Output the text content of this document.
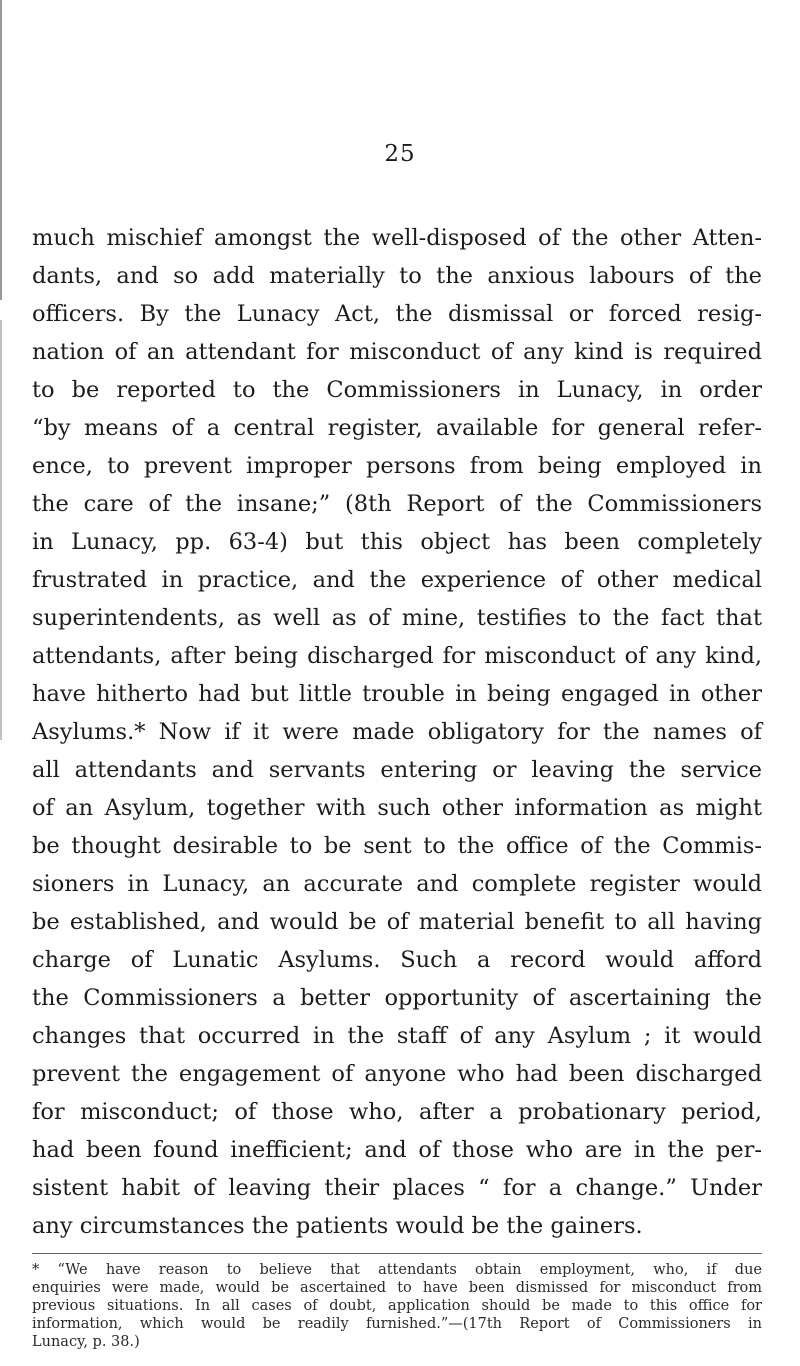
25
much mischief amongst the well-disposed of the other Atten-
dants, and so add materially to the anxious labours of the
officers. By the Lunacy Act, the dismissal or forced resig-
nation of an attendant for misconduct of any kind is required
to be reported to the Commissioners in Lunacy, in order
“by means of a central register, available for general refer-
ence, to prevent improper persons from being employed in
the care of the insane;” (8th Report of the Commissioners
in Lunacy, pp. 63-4) but this object has been completely
frustrated in practice, and the experience of other medical
superintendents, as well as of mine, testifies to the fact that
attendants, after being discharged for misconduct of any kind,
have hitherto had but little trouble in being engaged in other
Asylums.* Now if it were made obligatory for the names of
all attendants and servants entering or leaving the service
of an Asylum, together with such other information as might
be thought desirable to be sent to the office of the Commis-
sioners in Lunacy, an accurate and complete register would
be established, and would be of material benefit to all having
charge of Lunatic Asylums. Such a record would afford
the Commissioners a better opportunity of ascertaining the
changes that occurred in the staff of any Asylum ; it would
prevent the engagement of anyone who had been discharged
for misconduct; of those who, after a probationary period,
had been found inefficient; and of those who are in the per-
sistent habit of leaving their places “ for a change.” Under
any circumstances the patients would be the gainers.
* “We have reason to believe that attendants obtain employment, who, if due
enquiries were made, would be ascertained to have been dismissed for misconduct from
previous situations. In all cases of doubt, application should be made to this office for
information, which would be readily furnished.”—(17th Report of Commissioners in
Lunacy, p. 38.)
